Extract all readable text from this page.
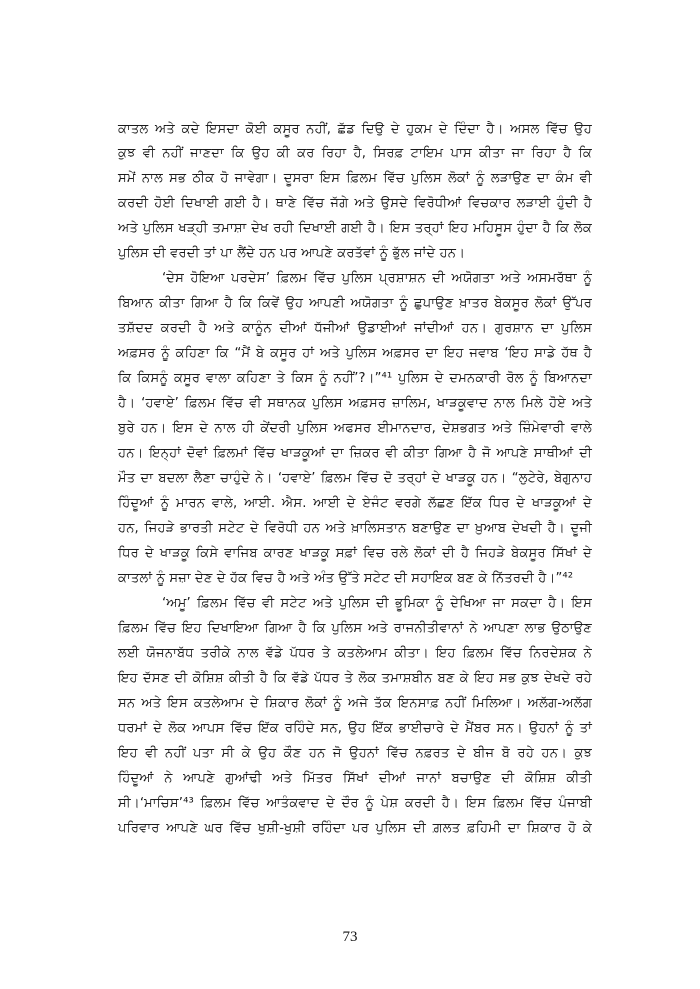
ਕਾਤਲ ਅਤੇ ਕਦੇ ਇਸਦਾ ਕੋਈ ਕਸੂਰ ਨਹੀਂ, ਛੱਡ ਦਿਉ ਦੇ ਹੁਕਮ ਦੇ ਦਿੰਦਾ ਹੈ। ਅਸਲ ਵਿੱਚ ਉਹ
ਕੁਝ ਵੀ ਨਹੀਂ ਜਾਣਦਾ ਕਿ ਉਹ ਕੀ ਕਰ ਰਿਹਾ ਹੈ, ਸਿਰਫ਼ ਟਾਇਮ ਪਾਸ ਕੀਤਾ ਜਾ ਰਿਹਾ ਹੈ ਕਿ
ਸਮੇਂ ਨਾਲ ਸਭ ਠੀਕ ਹੋ ਜਾਵੇਗਾ। ਦੂਸਰਾ ਇਸ ਫ਼ਿਲਮ ਵਿੱਚ ਪੁਲਿਸ ਲੋਕਾਂ ਨੂੰ ਲੜਾਉਣ ਦਾ ਕੰਮ ਵੀ
ਕਰਦੀ ਹੋਈ ਦਿਖਾਈ ਗਈ ਹੈ। ਥਾਣੇ ਵਿੱਚ ਜੱਗੇ ਅਤੇ ਉਸਦੇ ਵਿਰੋਧੀਆਂ ਵਿਚਕਾਰ ਲੜਾਈ ਹੁੰਦੀ ਹੈ
ਅਤੇ ਪੁਲਿਸ ਖੜ੍ਹੀ ਤਮਾਸ਼ਾ ਦੇਖ ਰਹੀ ਦਿਖਾਈ ਗਈ ਹੈ। ਇਸ ਤਰ੍ਹਾਂ ਇਹ ਮਹਿਸੂਸ ਹੁੰਦਾ ਹੈ ਕਿ ਲੋਕ
ਪੁਲਿਸ ਦੀ ਵਰਦੀ ਤਾਂ ਪਾ ਲੈਂਦੇ ਹਨ ਪਰ ਆਪਣੇ ਕਰਤੱਵਾਂ ਨੂੰ ਭੁੱਲ ਜਾਂਦੇ ਹਨ।
‘ਦੇਸ ਹੋਇਆ ਪਰਦੇਸ’ ਫ਼ਿਲਮ ਵਿੱਚ ਪੁਲਿਸ ਪ੍ਰਸ਼ਾਸ਼ਨ ਦੀ ਅਯੋਗਤਾ ਅਤੇ ਅਸਮਰੱਥਾ ਨੂੰ
ਬਿਆਨ ਕੀਤਾ ਗਿਆ ਹੈ ਕਿ ਕਿਵੇਂ ਉਹ ਆਪਣੀ ਅਯੋਗਤਾ ਨੂੰ ਛੁਪਾਉਣ ਖ਼ਾਤਰ ਬੇਕਸੂਰ ਲੋਕਾਂ ਉੱਪਰ
ਤਸ਼ੱਦਦ ਕਰਦੀ ਹੈ ਅਤੇ ਕਾਨੂੰਨ ਦੀਆਂ ਧੱਜੀਆਂ ਉਡਾਈਆਂ ਜਾਂਦੀਆਂ ਹਨ। ਗੁਰਸ਼ਾਨ ਦਾ ਪੁਲਿਸ
ਅਫ਼ਸਰ ਨੂੰ ਕਹਿਣਾ ਕਿ “ਮੈਂ ਬੇ ਕਸੂਰ ਹਾਂ ਅਤੇ ਪੁਲਿਸ ਅਫ਼ਸਰ ਦਾ ਇਹ ਜਵਾਬ ‘ਇਹ ਸਾਡੇ ਹੱਥ ਹੈ
ਕਿ ਕਿਸਨੂੰ ਕਸੂਰ ਵਾਲਾ ਕਹਿਣਾ ਤੇ ਕਿਸ ਨੂੰ ਨਹੀਂ’?।”⁴¹ ਪੁਲਿਸ ਦੇ ਦਮਨਕਾਰੀ ਰੋਲ ਨੂੰ ਬਿਆਨਦਾ
ਹੈ। ‘ਹਵਾਏ’ ਫ਼ਿਲਮ ਵਿੱਚ ਵੀ ਸਥਾਨਕ ਪੁਲਿਸ ਅਫ਼ਸਰ ਜ਼ਾਲਿਮ, ਖਾੜਕੂਵਾਦ ਨਾਲ ਮਿਲੇ ਹੋਏ ਅਤੇ
ਬੁਰੇ ਹਨ। ਇਸ ਦੇ ਨਾਲ ਹੀ ਕੇਂਦਰੀ ਪੁਲਿਸ ਅਫਸਰ ਈਮਾਨਦਾਰ, ਦੇਸ਼ਭਗਤ ਅਤੇ ਜ਼ਿੰਮੇਵਾਰੀ ਵਾਲੇ
ਹਨ। ਇਨ੍ਹਾਂ ਦੋਵਾਂ ਫ਼ਿਲਮਾਂ ਵਿੱਚ ਖਾੜਕੂਆਂ ਦਾ ਜ਼ਿਕਰ ਵੀ ਕੀਤਾ ਗਿਆ ਹੈ ਜੋ ਆਪਣੇ ਸਾਥੀਆਂ ਦੀ
ਮੌਤ ਦਾ ਬਦਲਾ ਲੈਣਾ ਚਾਹੁੰਦੇ ਨੇ। ‘ਹਵਾਏ’ ਫ਼ਿਲਮ ਵਿੱਚ ਦੋ ਤਰ੍ਹਾਂ ਦੇ ਖਾੜਕੂ ਹਨ। “ਲੁਟੇਰੇ, ਬੇਗੁਨਾਹ
ਹਿੰਦੂਆਂ ਨੂੰ ਮਾਰਨ ਵਾਲੇ, ਆਈ. ਐਸ. ਆਈ ਦੇ ਏਜੰਟ ਵਰਗੇ ਲੱਛਣ ਇੱਕ ਧਿਰ ਦੇ ਖਾੜਕੂਆਂ ਦੇ
ਹਨ, ਜਿਹੜੇ ਭਾਰਤੀ ਸਟੇਟ ਦੇ ਵਿਰੋਧੀ ਹਨ ਅਤੇ ਖ਼ਾਲਿਸਤਾਨ ਬਣਾਉਣ ਦਾ ਖ਼ੁਆਬ ਦੇਖਦੀ ਹੈ। ਦੂਜੀ
ਧਿਰ ਦੇ ਖਾੜਕੂ ਕਿਸੇ ਵਾਜਿਬ ਕਾਰਣ ਖਾੜਕੂ ਸਫ਼ਾਂ ਵਿਚ ਰਲੇ ਲੋਕਾਂ ਦੀ ਹੈ ਜਿਹੜੇ ਬੇਕਸੂਰ ਸਿੱਖਾਂ ਦੇ
ਕਾਤਲਾਂ ਨੂੰ ਸਜ਼ਾ ਦੇਣ ਦੇ ਹੱਕ ਵਿਚ ਹੈ ਅਤੇ ਅੰਤ ਉੱਤੇ ਸਟੇਟ ਦੀ ਸਹਾਇਕ ਬਣ ਕੇ ਨਿੱਤਰਦੀ ਹੈ।”⁴²
‘ਅਮੂ’ ਫ਼ਿਲਮ ਵਿੱਚ ਵੀ ਸਟੇਟ ਅਤੇ ਪੁਲਿਸ ਦੀ ਭੂਮਿਕਾ ਨੂੰ ਦੇਖਿਆ ਜਾ ਸਕਦਾ ਹੈ। ਇਸ
ਫ਼ਿਲਮ ਵਿੱਚ ਇਹ ਦਿਖਾਇਆ ਗਿਆ ਹੈ ਕਿ ਪੁਲਿਸ ਅਤੇ ਰਾਜਨੀਤੀਵਾਨਾਂ ਨੇ ਆਪਣਾ ਲਾਭ ਉਠਾਉਣ
ਲਈ ਯੋਜਨਾਬੱਧ ਤਰੀਕੇ ਨਾਲ ਵੱਡੇ ਪੱਧਰ ਤੇ ਕਤਲੇਆਮ ਕੀਤਾ। ਇਹ ਫ਼ਿਲਮ ਵਿੱਚ ਨਿਰਦੇਸ਼ਕ ਨੇ
ਇਹ ਦੱਸਣ ਦੀ ਕੋਸ਼ਿਸ਼ ਕੀਤੀ ਹੈ ਕਿ ਵੱਡੇ ਪੱਧਰ ਤੇ ਲੋਕ ਤਮਾਸ਼ਬੀਨ ਬਣ ਕੇ ਇਹ ਸਭ ਕੁਝ ਦੇਖਦੇ ਰਹੇ
ਸਨ ਅਤੇ ਇਸ ਕਤਲੇਆਮ ਦੇ ਸ਼ਿਕਾਰ ਲੋਕਾਂ ਨੂੰ ਅਜੇ ਤੱਕ ਇਨਸਾਫ਼ ਨਹੀਂ ਮਿਲਿਆ। ਅਲੱਗ-ਅਲੱਗ
ਧਰਮਾਂ ਦੇ ਲੋਕ ਆਪਸ ਵਿੱਚ ਇੱਕ ਰਹਿੰਦੇ ਸਨ, ਉਹ ਇੱਕ ਭਾਈਚਾਰੇ ਦੇ ਮੈਂਬਰ ਸਨ। ਉਹਨਾਂ ਨੂੰ ਤਾਂ
ਇਹ ਵੀ ਨਹੀਂ ਪਤਾ ਸੀ ਕੇ ਉਹ ਕੌਣ ਹਨ ਜੋ ਉਹਨਾਂ ਵਿੱਚ ਨਫ਼ਰਤ ਦੇ ਬੀਜ ਬੋ ਰਹੇ ਹਨ। ਕੁਝ
ਹਿੰਦੂਆਂ ਨੇ ਆਪਣੇ ਗੁਆਂਢੀ ਅਤੇ ਮਿੱਤਰ ਸਿੱਖਾਂ ਦੀਆਂ ਜਾਨਾਂ ਬਚਾਉਣ ਦੀ ਕੋਸ਼ਿਸ਼ ਕੀਤੀ
ਸੀ।‘ਮਾਚਿਸ’⁴³ ਫ਼ਿਲਮ ਵਿੱਚ ਆਤੰਕਵਾਦ ਦੇ ਦੌਰ ਨੂੰ ਪੇਸ਼ ਕਰਦੀ ਹੈ। ਇਸ ਫ਼ਿਲਮ ਵਿੱਚ ਪੰਜਾਬੀ
ਪਰਿਵਾਰ ਆਪਣੇ ਘਰ ਵਿੱਚ ਖੁਸ਼ੀ-ਖੁਸ਼ੀ ਰਹਿੰਦਾ ਪਰ ਪੁਲਿਸ ਦੀ ਗ਼ਲਤ ਫ਼ਹਿਮੀ ਦਾ ਸ਼ਿਕਾਰ ਹੋ ਕੇ
73
